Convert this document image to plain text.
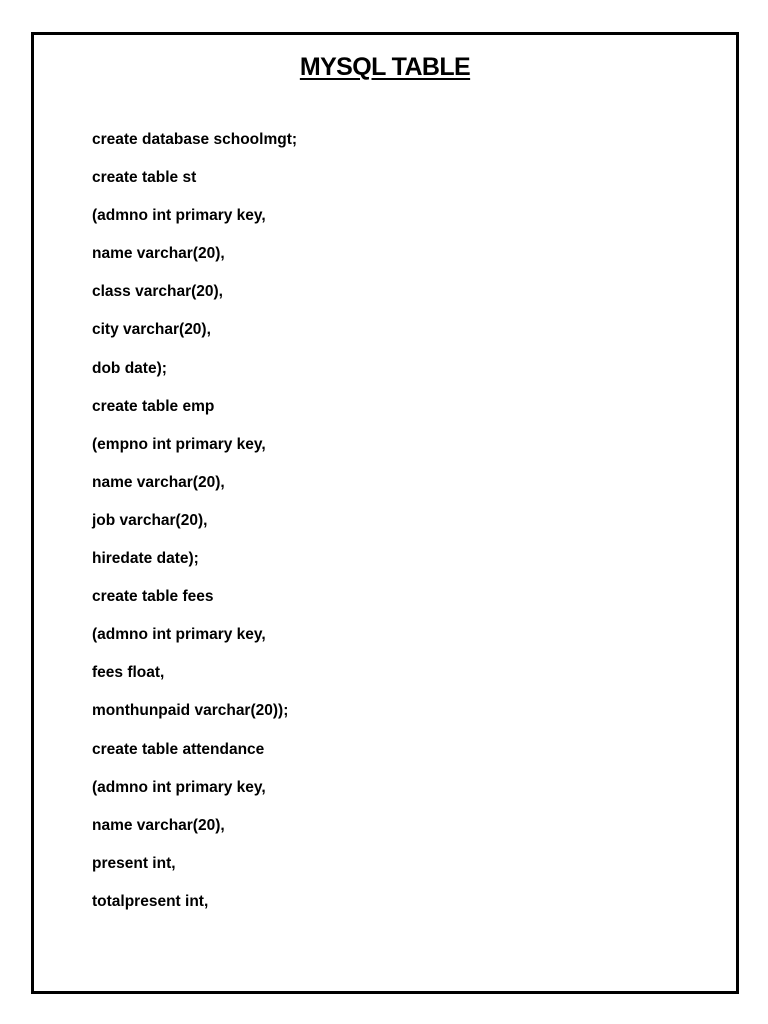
MYSQL TABLE
create database schoolmgt;
create table st
(admno int primary key,
name varchar(20),
class varchar(20),
city varchar(20),
dob date);
create table emp
(empno int primary key,
name varchar(20),
job varchar(20),
hiredate date);
create table fees
(admno int primary key,
fees float,
monthunpaid varchar(20));
create table attendance
(admno int primary key,
name varchar(20),
present int,
totalpresent int,
